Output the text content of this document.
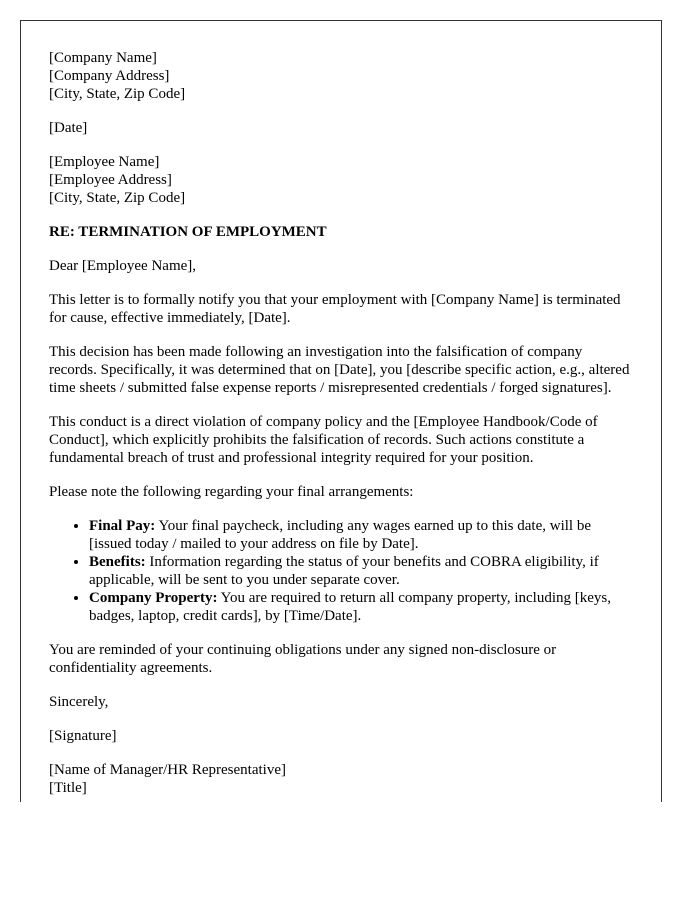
[Company Name]
[Company Address]
[City, State, Zip Code]
[Date]
[Employee Name]
[Employee Address]
[City, State, Zip Code]
RE: TERMINATION OF EMPLOYMENT

Dear [Employee Name],

This letter is to formally notify you that your employment with [Company Name] is terminated for cause, effective immediately, [Date].

This decision has been made following an investigation into the falsification of company records. Specifically, it was determined that on [Date], you [describe specific action, e.g., altered time sheets / submitted false expense reports / misrepresented credentials / forged signatures].

This conduct is a direct violation of company policy and the [Employee Handbook/Code of Conduct], which explicitly prohibits the falsification of records. Such actions constitute a fundamental breach of trust and professional integrity required for your position.

Please note the following regarding your final arrangements:

• Final Pay: Your final paycheck, including any wages earned up to this date, will be [issued today / mailed to your address on file by Date].
• Benefits: Information regarding the status of your benefits and COBRA eligibility, if applicable, will be sent to you under separate cover.
• Company Property: You are required to return all company property, including [keys, badges, laptop, credit cards], by [Time/Date].

You are reminded of your continuing obligations under any signed non-disclosure or confidentiality agreements.

Sincerely,

[Signature]

[Name of Manager/HR Representative]
[Title]
